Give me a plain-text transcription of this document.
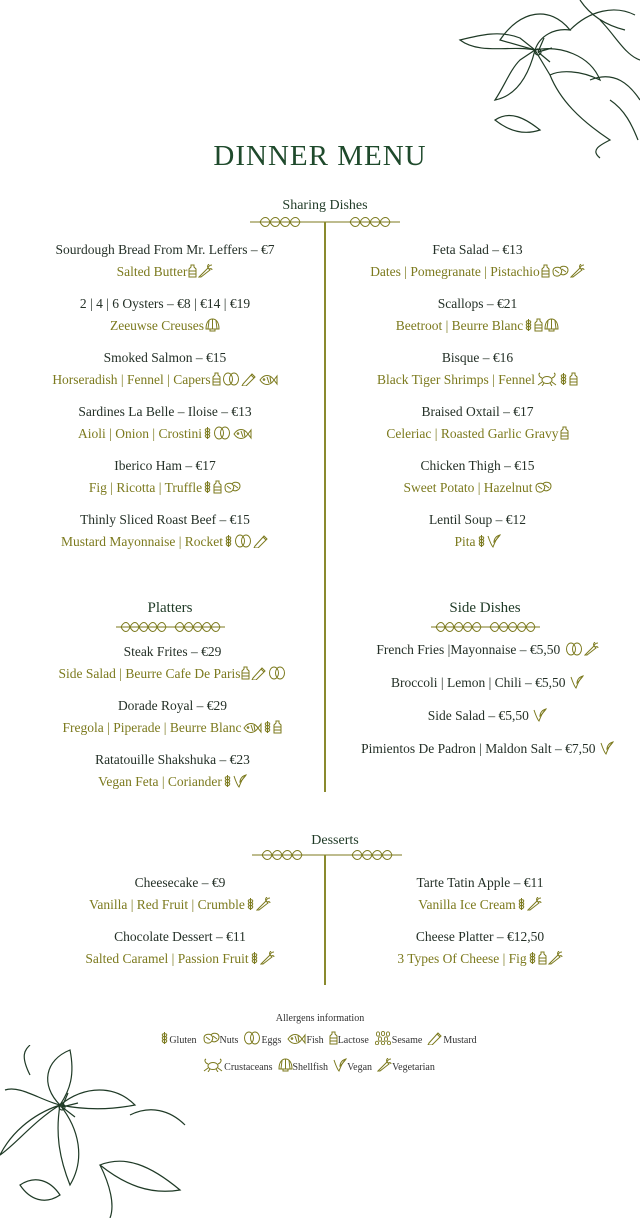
DINNER MENU
Sharing Dishes
Sourdough Bread From Mr. Leffers – €7
Salted Butter
2 | 4 | 6 Oysters – €8 | €14 | €19
Zeeuwse Creuses
Smoked Salmon – €15
Horseradish | Fennel | Capers
Sardines La Belle – Iloise – €13
Aioli | Onion | Crostini
Iberico Ham – €17
Fig | Ricotta | Truffle
Thinly Sliced Roast Beef – €15
Mustard Mayonnaise | Rocket
Feta Salad – €13
Dates | Pomegranate | Pistachio
Scallops – €21
Beetroot | Beurre Blanc
Bisque – €16
Black Tiger Shrimps | Fennel
Braised Oxtail – €17
Celeriac | Roasted Garlic Gravy
Chicken Thigh – €15
Sweet Potato | Hazelnut
Lentil Soup – €12
Pita
Platters
Steak Frites – €29
Side Salad | Beurre Cafe De Paris
Dorade Royal – €29
Fregola | Piperade | Beurre Blanc
Ratatouille Shakshuka – €23
Vegan Feta | Coriander
Side Dishes
French Fries |Mayonnaise – €5,50
Broccoli | Lemon | Chili – €5,50
Side Salad – €5,50
Pimientos De Padron | Maldon Salt – €7,50
Desserts
Cheesecake – €9
Vanilla | Red Fruit | Crumble
Chocolate Dessert – €11
Salted Caramel | Passion Fruit
Tarte Tatin Apple – €11
Vanilla Ice Cream
Cheese Platter – €12,50
3 Types Of Cheese | Fig
Allergens information
Gluten Nuts Eggs	Fish Lactose Sesame Mustard
Crustaceans Shellfish Vegan Vegetarian
